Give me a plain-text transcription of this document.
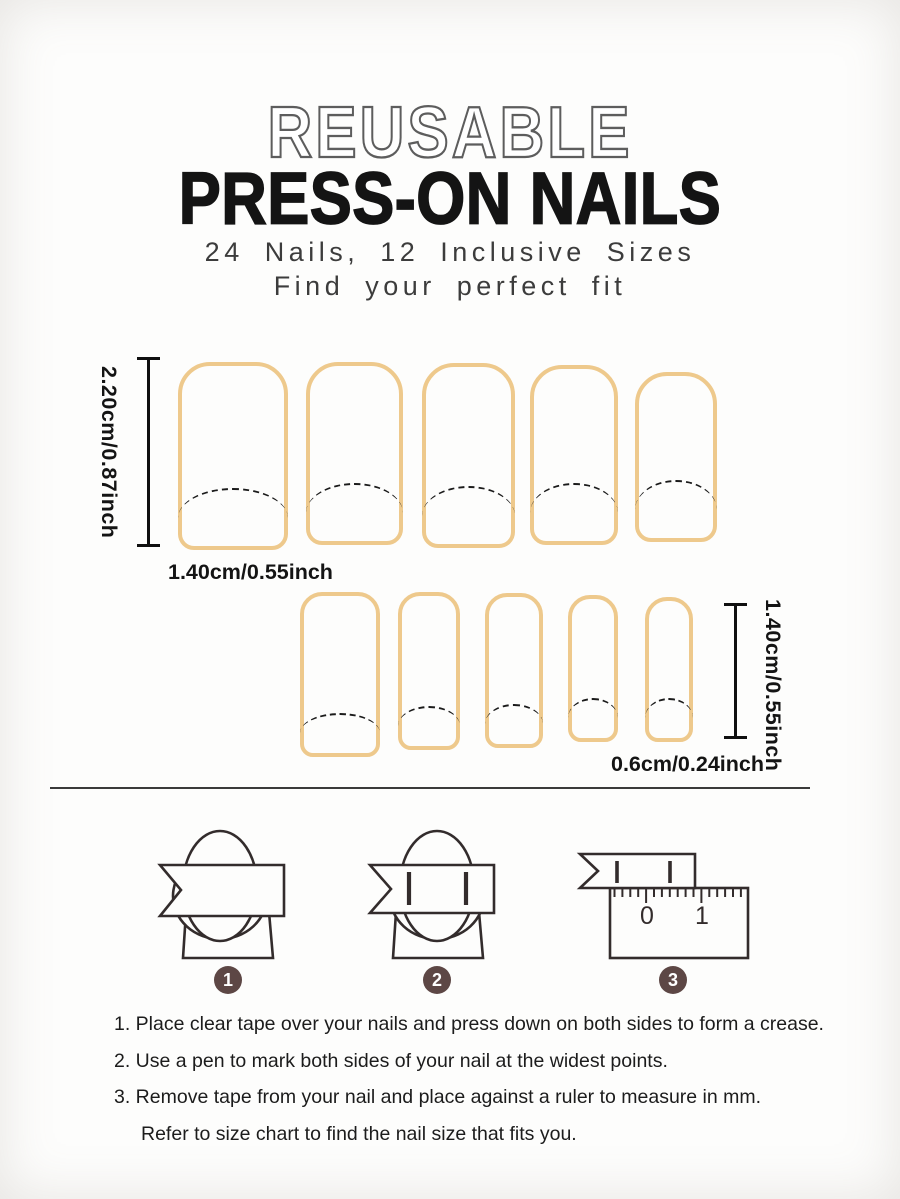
REUSABLE
PRESS-ON NAILS
24 Nails, 12 Inclusive Sizes
Find your perfect fit
2.20cm/0.87inch
1.40cm/0.55inch
1.40cm/0.55inch
0.6cm/0.24inch
0 1
1	2	3
1. Place clear tape over your nails and press down on both sides to form a crease.
2. Use a pen to mark both sides of your nail at the widest points.
3. Remove tape from your nail and place against a ruler to measure in mm.
Refer to size chart to find the nail size that fits you.
